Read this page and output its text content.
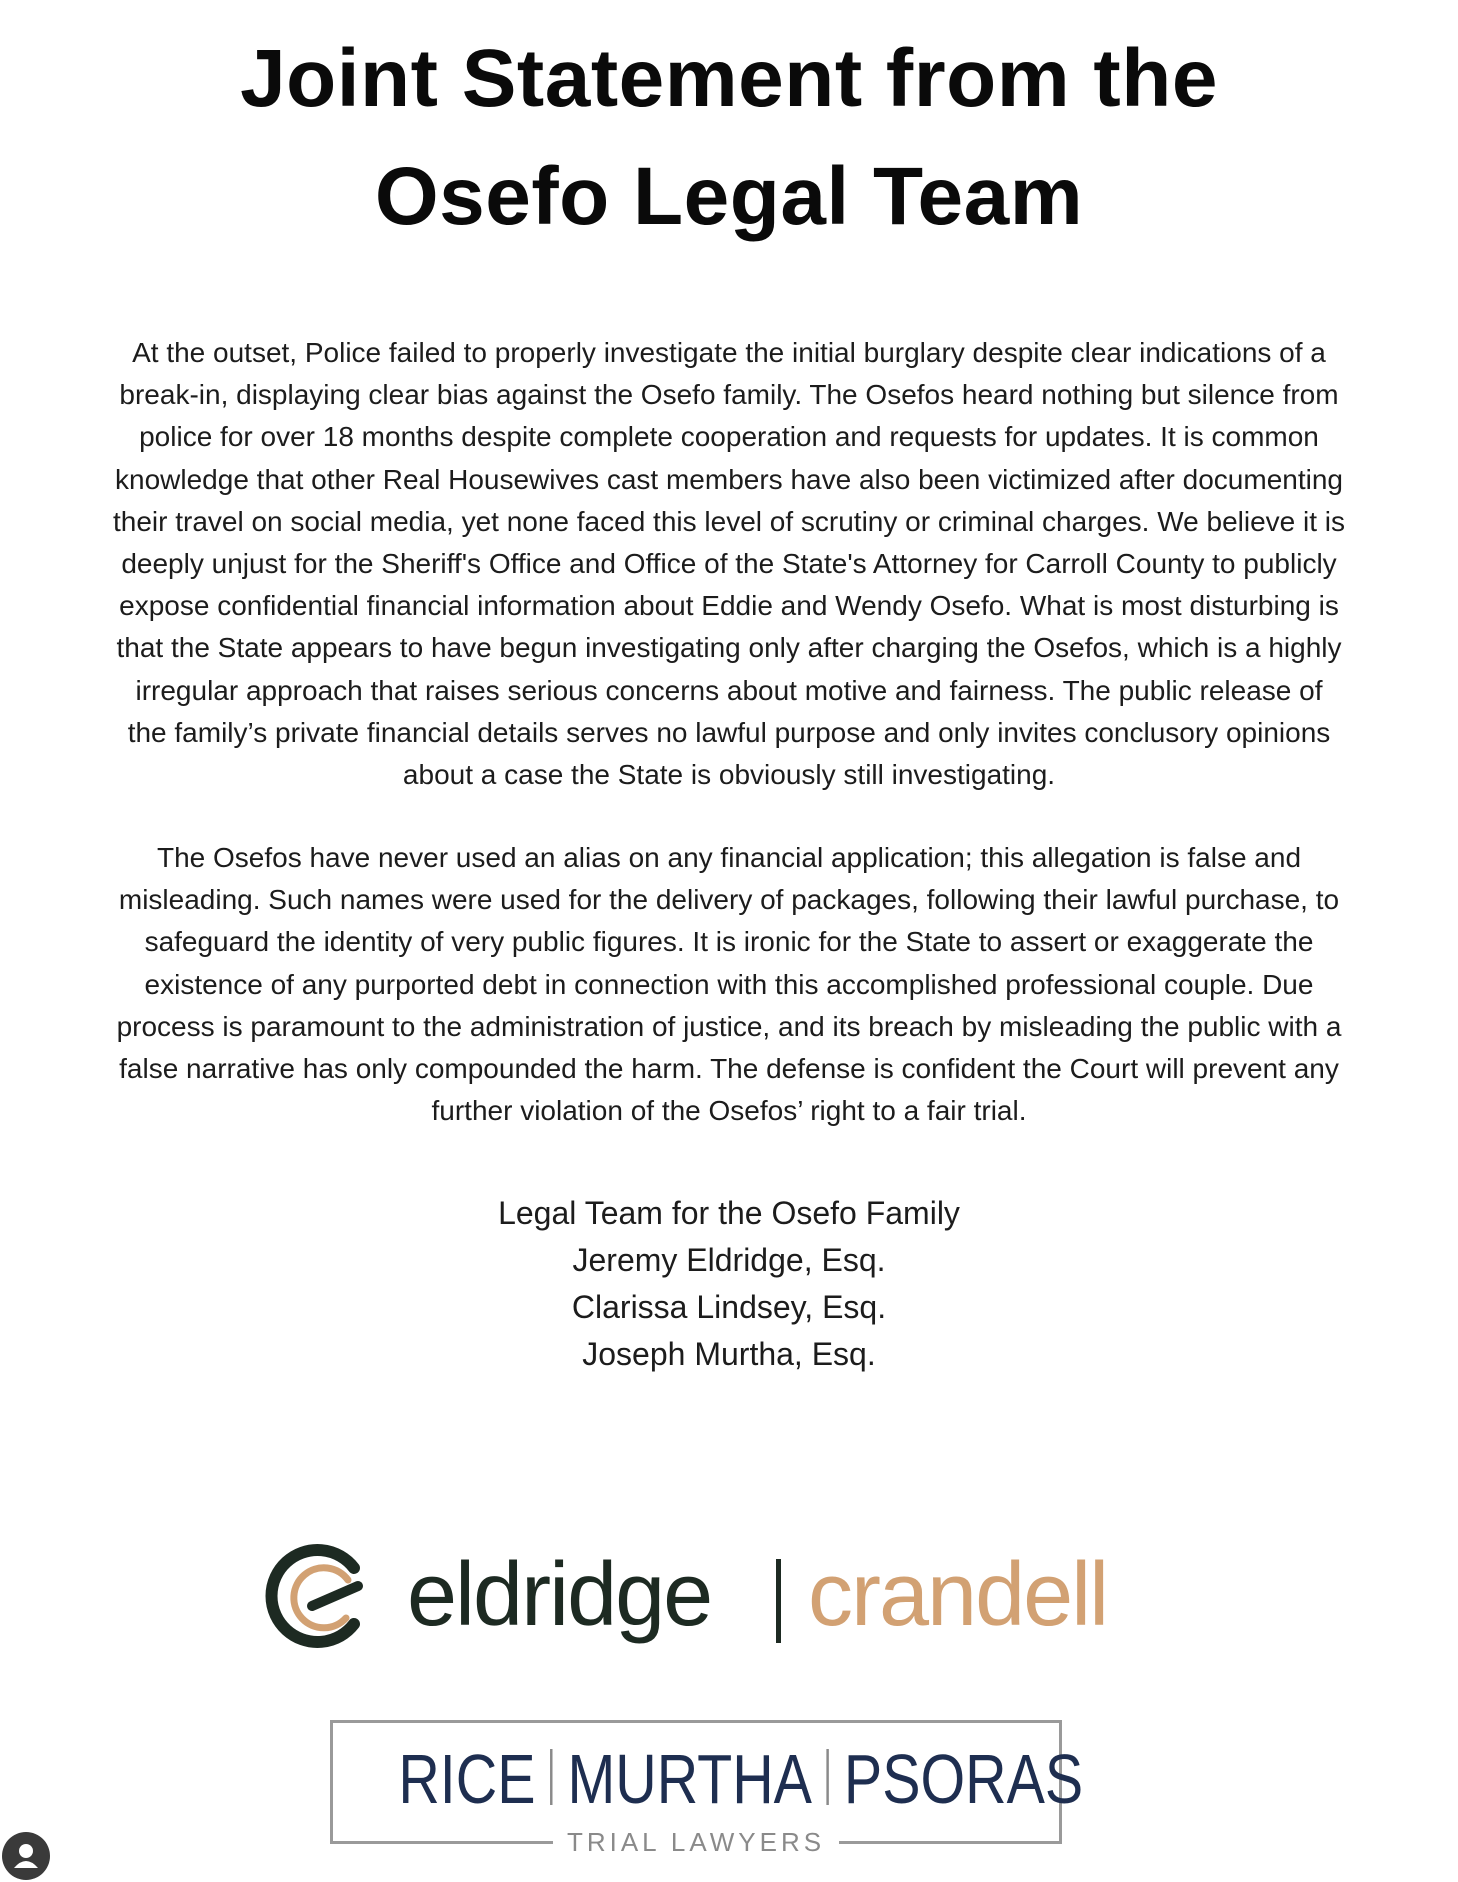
Joint Statement from the
Osefo Legal Team
At the outset, Police failed to properly investigate the initial burglary despite clear indications of a
break-in, displaying clear bias against the Osefo family. The Osefos heard nothing but silence from
police for over 18 months despite complete cooperation and requests for updates. It is common
knowledge that other Real Housewives cast members have also been victimized after documenting
their travel on social media, yet none faced this level of scrutiny or criminal charges. We believe it is
deeply unjust for the Sheriff's Office and Office of the State's Attorney for Carroll County to publicly
expose confidential financial information about Eddie and Wendy Osefo. What is most disturbing is
that the State appears to have begun investigating only after charging the Osefos, which is a highly
irregular approach that raises serious concerns about motive and fairness. The public release of
the family’s private financial details serves no lawful purpose and only invites conclusory opinions
about a case the State is obviously still investigating.
The Osefos have never used an alias on any financial application; this allegation is false and
misleading. Such names were used for the delivery of packages, following their lawful purchase, to
safeguard the identity of very public figures. It is ironic for the State to assert or exaggerate the
existence of any purported debt in connection with this accomplished professional couple. Due
process is paramount to the administration of justice, and its breach by misleading the public with a
false narrative has only compounded the harm. The defense is confident the Court will prevent any
further violation of the Osefos’ right to a fair trial.
Legal Team for the Osefo Family
Jeremy Eldridge, Esq.
Clarissa Lindsey, Esq.
Joseph Murtha, Esq.
eldridge crandell
RICE MURTHA PSORAS
TRIAL LAWYERS
